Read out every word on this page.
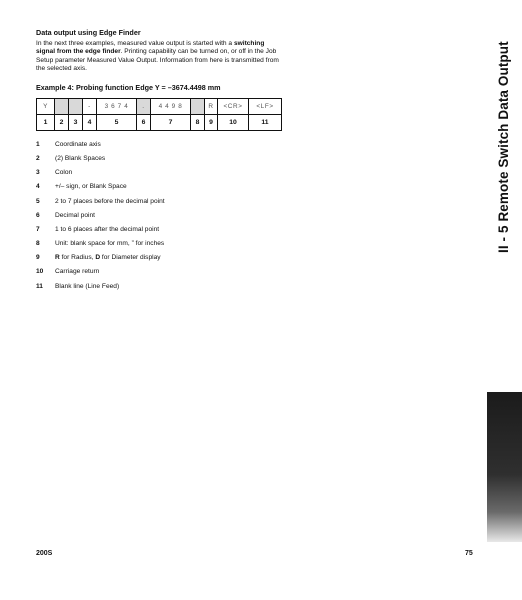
Data output using Edge Finder

In the next three examples, measured value output is started with a switching signal from the edge finder. Printing capability can be turned on, or off in the Job Setup parameter Measured Value Output. Information from here is transmitted from the selected axis.

Example 4: Probing function Edge Y = –3674.4498 mm
Y			-	3 6 7 4	.	4 4 9 8		R	<CR>	<LF>
1	2	3	4	5	6	7	8	9	10	11
1	Coordinate axis
2	(2) Blank Spaces
3	Colon
4	+/– sign, or Blank Space
5	2 to 7 places before the decimal point
6	Decimal point
7	1 to 6 places after the decimal point
8	Unit: blank space for mm, ” for inches
9	R for Radius, D for Diameter display
10	Carriage return
11	Blank line (Line Feed)
II - 5 Remote Switch Data Output
200S	75
